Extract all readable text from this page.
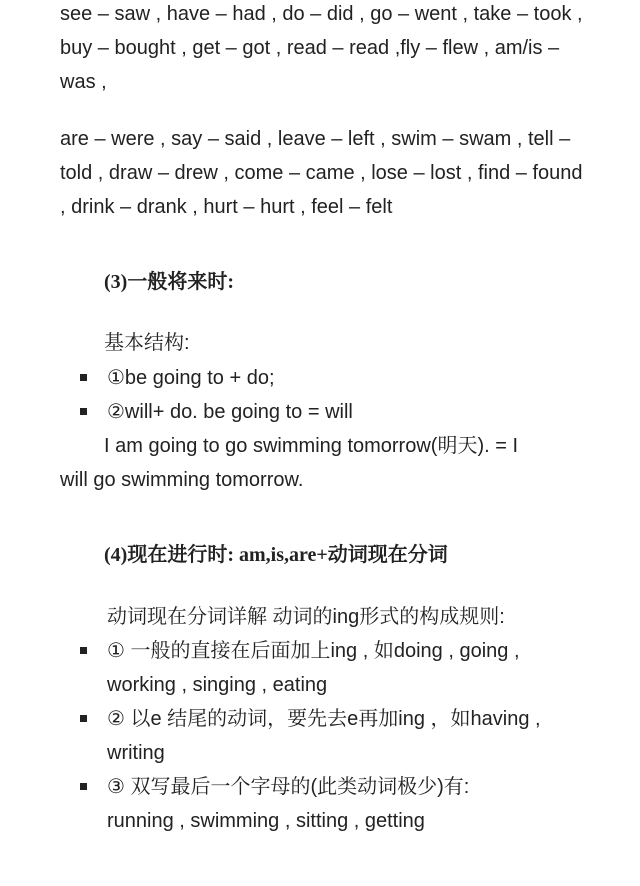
see – saw , have – had , do – did , go – went , take – took , buy – bought , get – got , read – read ,fly – flew , am/is – was ,

are – were , say – said , leave – left , swim – swam , tell – told , draw – drew , come – came , lose – lost , find – found , drink – drank , hurt – hurt , feel – felt

(3)一般将来时:

基本结构:

①be going to + do;

②will+ do. be going to = will

I am going to go swimming tomorrow(明天). = I

will go swimming tomorrow.

(4)现在进行时: am,is,are+动词现在分词

动词现在分词详解 动词的ing形式的构成规则:

① 一般的直接在后面加上ing , 如doing , going , working , singing , eating

② 以e 结尾的动词，要先去e再加ing ，如having , writing

③ 双写最后一个字母的(此类动词极少)有: running , swimming , sitting , getting
